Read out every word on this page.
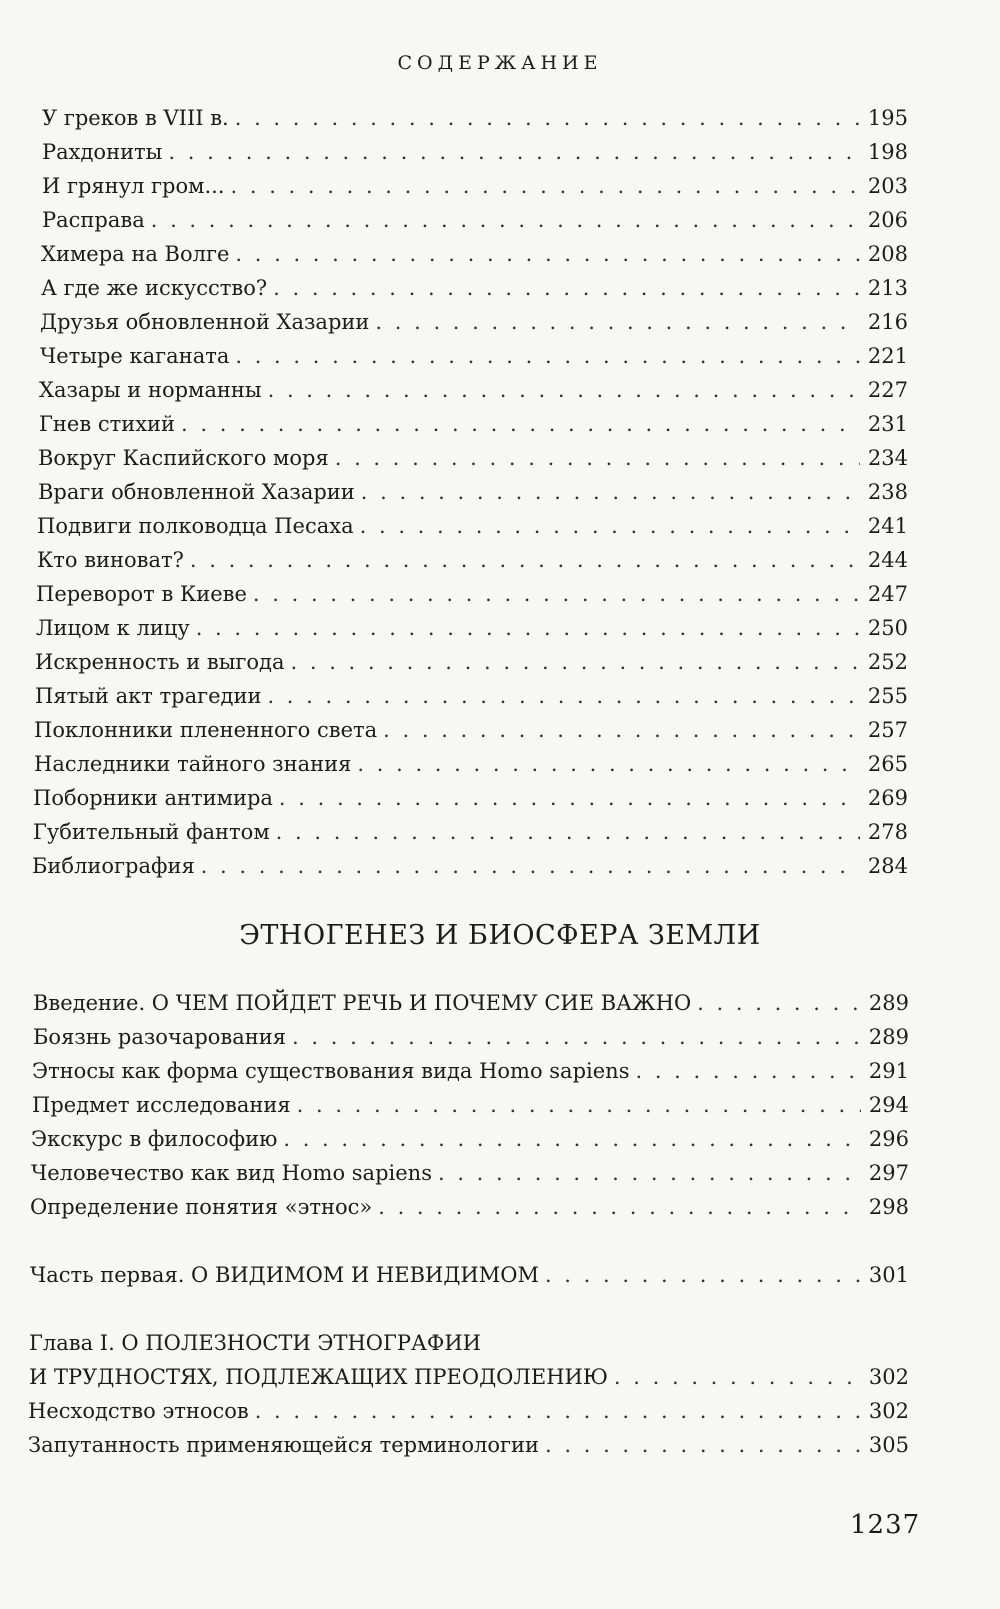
СОДЕРЖАНИЕ
У греков в VIII в. . . .	195
Рахдониты . . .	198
И грянул гром... . . .	203
Расправа . . .	206
Химера на Волге . . .	208
А где же искусство? . . .	213
Друзья обновленной Хазарии . . .	216
Четыре каганата . . .	221
Хазары и норманны . . .	227
Гнев стихий . . .	231
Вокруг Каспийского моря . . .	234
Враги обновленной Хазарии . . .	238
Подвиги полководца Песаха . . .	241
Кто виноват? . . .	244
Переворот в Киеве . . .	247
Лицом к лицу . . .	250
Искренность и выгода . . .	252
Пятый акт трагедии . . .	255
Поклонники плененного света . . .	257
Наследники тайного знания . . .	265
Поборники антимира . . .	269
Губительный фантом . . .	278
Библиография . . .	284
ЭТНОГЕНЕЗ И БИОСФЕРА ЗЕМЛИ
Введение. О ЧЕМ ПОЙДЕТ РЕЧЬ И ПОЧЕМУ СИЕ ВАЖНО . . .	289
Боязнь разочарования . . .	289
Этносы как форма существования вида Homo sapiens . . .	291
Предмет исследования . . .	294
Экскурс в философию . . .	296
Человечество как вид Homo sapiens . . .	297
Определение понятия «этнос» . . .	298
Часть первая. О ВИДИМОМ И НЕВИДИМОМ . . .	301
Глава I. О ПОЛЕЗНОСТИ ЭТНОГРАФИИ
И ТРУДНОСТЯХ, ПОДЛЕЖАЩИХ ПРЕОДОЛЕНИЮ . . .	302
Несходство этносов . . .	302
Запутанность применяющейся терминологии . . .	305
1237
